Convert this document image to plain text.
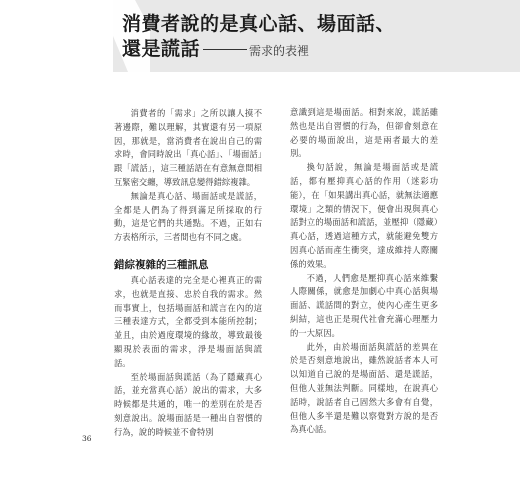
消費者說的是真心話、場面話、
還是謊話	需求的表裡

消費者的「需求」之所以讓人摸不著邊際，難以理解，其實還有另一項原因，那就是，當消費者在說出自己的需求時，會同時說出「真心話」、「場面話」跟「謊話」，這三種話語在有意無意間相互緊密交纏，導致訊息變得錯綜複雜。

無論是真心話、場面話或是謊話，全都是人們為了得到滿足所採取的行動，這是它們的共通點。不過，正如右方表格所示，三者間也有不同之處。

錯綜複雜的三種訊息

真心話表達的完全是心裡真正的需求，也就是直接、忠於自我的需求。然而事實上，包括場面話和謊言在內的這三種表達方式，全都受到本能所控制；並且，由於過度環境的緣故，導致最後顯現於表面的需求，淨是場面話與謊話。

至於場面話與謊話（為了隱藏真心話，並充當真心話）說出的需求，大多時候都是共通的，唯一的差別在於是否刻意說出。說場面話是一種出自習慣的行為，說的時候並不會特別

意識到這是場面話。相對來說，謊話雖然也是出自習慣的行為，但卻會刻意在必要的場面說出，這是兩者最大的差別。

換句話說，無論是場面話或是謊話，都有壓抑真心話的作用（迷彩功能），在「如果講出真心話，就無法適應環境」之類的情況下，便會出現與真心話對立的場面話和謊話，並壓抑（隱藏）真心話，透過這種方式，就能避免雙方因真心話而產生衝突，達成維持人際關係的效果。

不過，人們愈是壓抑真心話來維繫人際關係，就愈是加劇心中真心話與場面話、謊話間的對立，使內心產生更多糾結，這也正是現代社會充滿心理壓力的一大原因。

此外，由於場面話與謊話的差異在於是否刻意地說出，雖然說話者本人可以知道自己說的是場面話、還是謊話，但他人並無法判斷。同樣地，在說真心話時，說話者自己固然大多會有自覺，但他人多半還是難以察覺對方說的是否為真心話。

36
